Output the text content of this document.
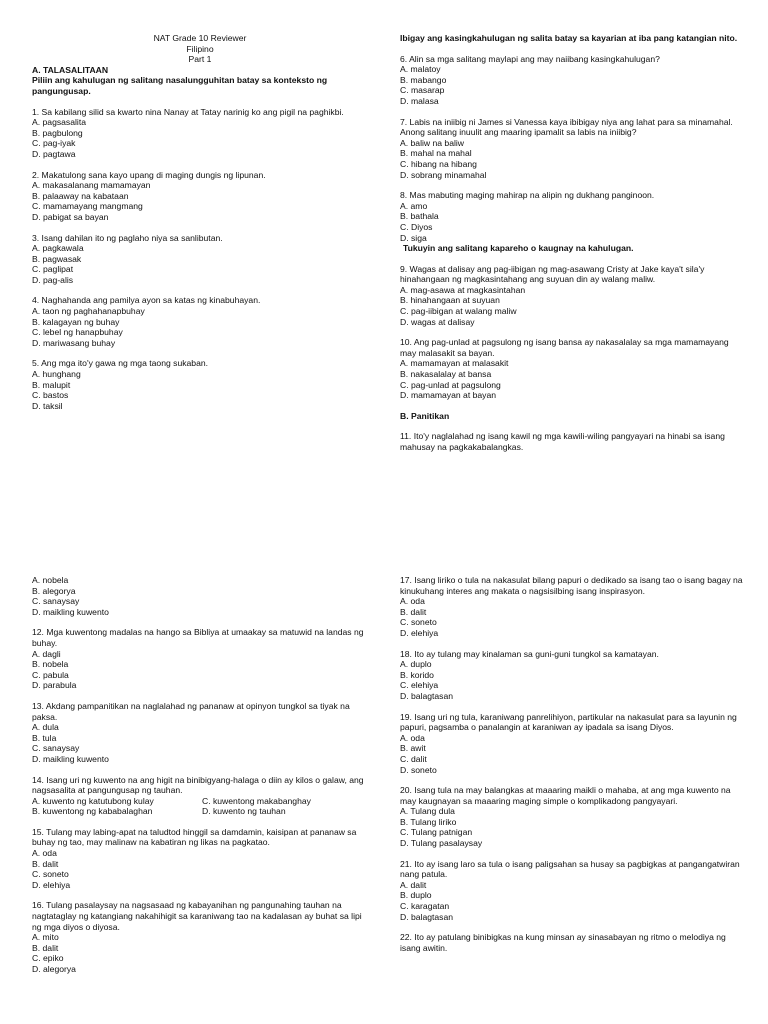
NAT Grade 10 Reviewer
Filipino
Part 1
A. TALASALITAAN
Piliin ang kahulugan ng salitang nasalungguhitan batay sa konteksto ng pangungusap.

1. Sa kabilang silid sa kwarto nina Nanay at Tatay narinig ko ang pigil na paghikbi.

A. pagsasalita

B. pagbulong

C. pag-iyak

D. pagtawa

2. Makatulong sana kayo upang di maging dungis ng lipunan.

A. makasalanang mamamayan

B. palaaway na kabataan

C. mamamayang mangmang

D. pabigat sa bayan

3. Isang dahilan ito ng paglaho niya sa sanlibutan.

A. pagkawala

B. pagwasak

C. paglipat

D. pag-alis

4. Naghahanda ang pamilya ayon sa katas ng kinabuhayan.

A. taon ng paghahanapbuhay

B. kalagayan ng buhay

C. lebel ng hanapbuhay

D. mariwasang buhay

5. Ang mga ito'y gawa ng mga taong sukaban.

A. hunghang

B. malupit

C. bastos

D. taksil

Ibigay ang kasingkahulugan ng salita batay sa kayarian at iba pang katangian nito.

6. Alin sa mga salitang maylapi ang may naiibang kasingkahulugan?

A. malatoy

B. mabango

C. masarap

D. malasa

7. Labis na iniibig ni James si Vanessa kaya ibibigay niya ang lahat para sa minamahal. Anong salitang inuulit ang maaring ipamalit sa labis na iniibig?

A. baliw na baliw

B. mahal na mahal

C. hibang na hibang

D. sobrang minamahal

8. Mas mabuting maging mahirap na alipin ng dukhang panginoon.

A. amo

B. bathala

C. Diyos

D. siga

Tukuyin ang salitang kapareho o kaugnay na kahulugan.

9. Wagas at dalisay ang pag-iibigan ng mag-asawang Cristy at Jake kaya't sila'y hinahangaan ng magkasintahang ang suyuan din ay walang maliw.

A. mag-asawa at magkasintahan

B. hinahangaan at suyuan

C. pag-iibigan at walang maliw

D. wagas at dalisay

10. Ang pag-unlad at pagsulong ng isang bansa ay nakasalalay sa mga mamamayang may malasakit sa bayan.

A. mamamayan at malasakit

B. nakasalalay at bansa

C. pag-unlad at pagsulong

D. mamamayan at bayan

B. Panitikan

11. Ito'y naglalahad ng isang kawil ng mga kawili-wiling pangyayari na hinabi sa isang mahusay na pagkakabalangkas.

A. nobela

B. alegorya

C. sanaysay

D. maikling kuwento

12. Mga kuwentong madalas na hango sa Bibliya at umaakay sa matuwid na landas ng buhay.

A. dagli

B. nobela

C. pabula

D. parabula

13. Akdang pampanitikan na naglalahad ng pananaw at opinyon tungkol sa tiyak na paksa.

A. dula

B. tula

C. sanaysay

D. maikling kuwento

14. Isang uri ng kuwento na ang higit na binibigyang-halaga o diin ay kilos o galaw, ang nagsasalita at pangungusap ng tauhan.

A. kuwento ng katutubong kulay

B. kuwentong ng kababalaghan

C. kuwentong makabanghay

D. kuwento ng tauhan

15. Tulang may labing-apat na taludtod hinggil sa damdamin, kaisipan at pananaw sa buhay ng tao, may malinaw na kabatiran ng likas na pagkatao.

A. oda

B. dalit

C. soneto

D. elehiya

16. Tulang pasalaysay na nagsasaad ng kabayanihan ng pangunahing tauhan na nagtataglay ng katangiang nakahihigit sa karaniwang tao na kadalasan ay buhat sa lipi ng mga diyos o diyosa.

A. mito

B. dalit

C. epiko

D. alegorya

17. Isang liriko o tula na nakasulat bilang papuri o dedikado sa isang tao o isang bagay na kinukuhang interes ang makata o nagsisilbing isang inspirasyon.

A. oda

B. dalit

C. soneto

D. elehiya

18. Ito ay tulang may kinalaman sa guni-guni tungkol sa kamatayan.

A. duplo

B. korido

C. elehiya

D. balagtasan

19. Isang uri ng tula, karaniwang panrelihiyon, partikular na nakasulat para sa layunin ng papuri, pagsamba o panalangin at karaniwan ay ipadala sa isang Diyos.

A. oda

B. awit

C. dalit

D. soneto

20. Isang tula na may balangkas at maaaring maikli o mahaba, at ang mga kuwento na may kaugnayan sa maaaring maging simple o komplikadong pangyayari.

A. Tulang dula

B. Tulang liriko

C. Tulang patnigan

D. Tulang pasalaysay

21. Ito ay isang laro sa tula o isang paligsahan sa husay sa pagbigkas at pangangatwiran nang patula.

A. dalit

B. duplo

C. karagatan

D. balagtasan

22. Ito ay patulang binibigkas na kung minsan ay sinasabayan ng ritmo o melodiya ng isang awitin.
